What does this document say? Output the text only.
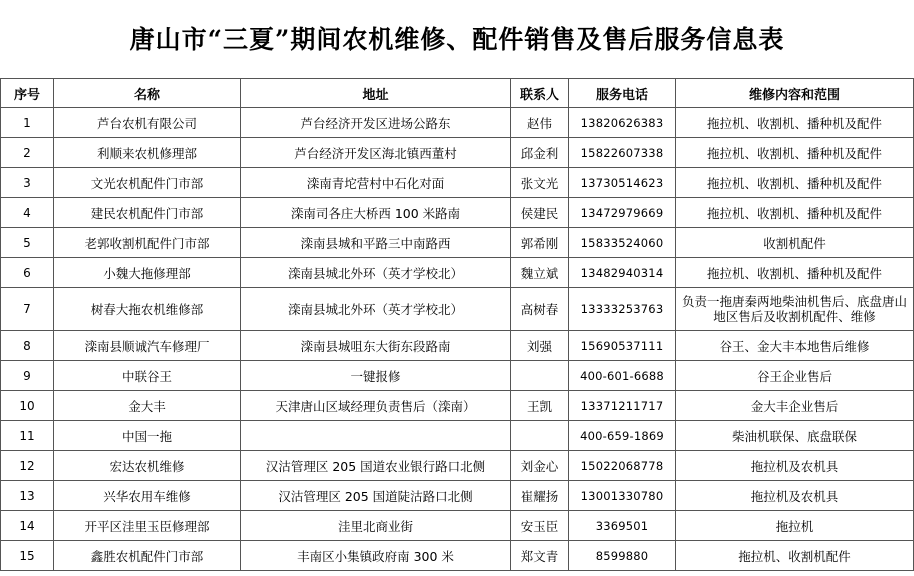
唐山市“三夏”期间农机维修、配件销售及售后服务信息表
序号	名称	地址	联系人	服务电话	维修内容和范围
1	芦台农机有限公司	芦台经济开发区进场公路东	赵伟	13820626383	拖拉机、收割机、播种机及配件
2	利顺来农机修理部	芦台经济开发区海北镇西董村	邱金利	15822607338	拖拉机、收割机、播种机及配件
3	文光农机配件门市部	滦南青坨营村中石化对面	张文光	13730514623	拖拉机、收割机、播种机及配件
4	建民农机配件门市部	滦南司各庄大桥西 100 米路南	侯建民	13472979669	拖拉机、收割机、播种机及配件
5	老郭收割机配件门市部	滦南县城和平路三中南路西	郭希刚	15833524060	收割机配件
6	小魏大拖修理部	滦南县城北外环（英才学校北）	魏立斌	13482940314	拖拉机、收割机、播种机及配件
7	树春大拖农机维修部	滦南县城北外环（英才学校北）	高树春	13333253763	负责一拖唐秦两地柴油机售后、底盘唐山地区售后及收割机配件、维修
8	滦南县顺诚汽车修理厂	滦南县城咀东大街东段路南	刘强	15690537111	谷王、金大丰本地售后维修
9	中联谷王	一键报修		400-601-6688	谷王企业售后
10	金大丰	天津唐山区域经理负责售后（滦南）	王凯	13371211717	金大丰企业售后
11	中国一拖			400-659-1869	柴油机联保、底盘联保
12	宏达农机维修	汉沽管理区 205 国道农业银行路口北侧	刘金心	15022068778	拖拉机及农机具
13	兴华农用车维修	汉沽管理区 205 国道陡沽路口北侧	崔耀扬	13001330780	拖拉机及农机具
14	开平区洼里玉臣修理部	洼里北商业街	安玉臣	3369501	拖拉机
15	鑫胜农机配件门市部	丰南区小集镇政府南 300 米	郑文青	8599880	拖拉机、收割机配件
